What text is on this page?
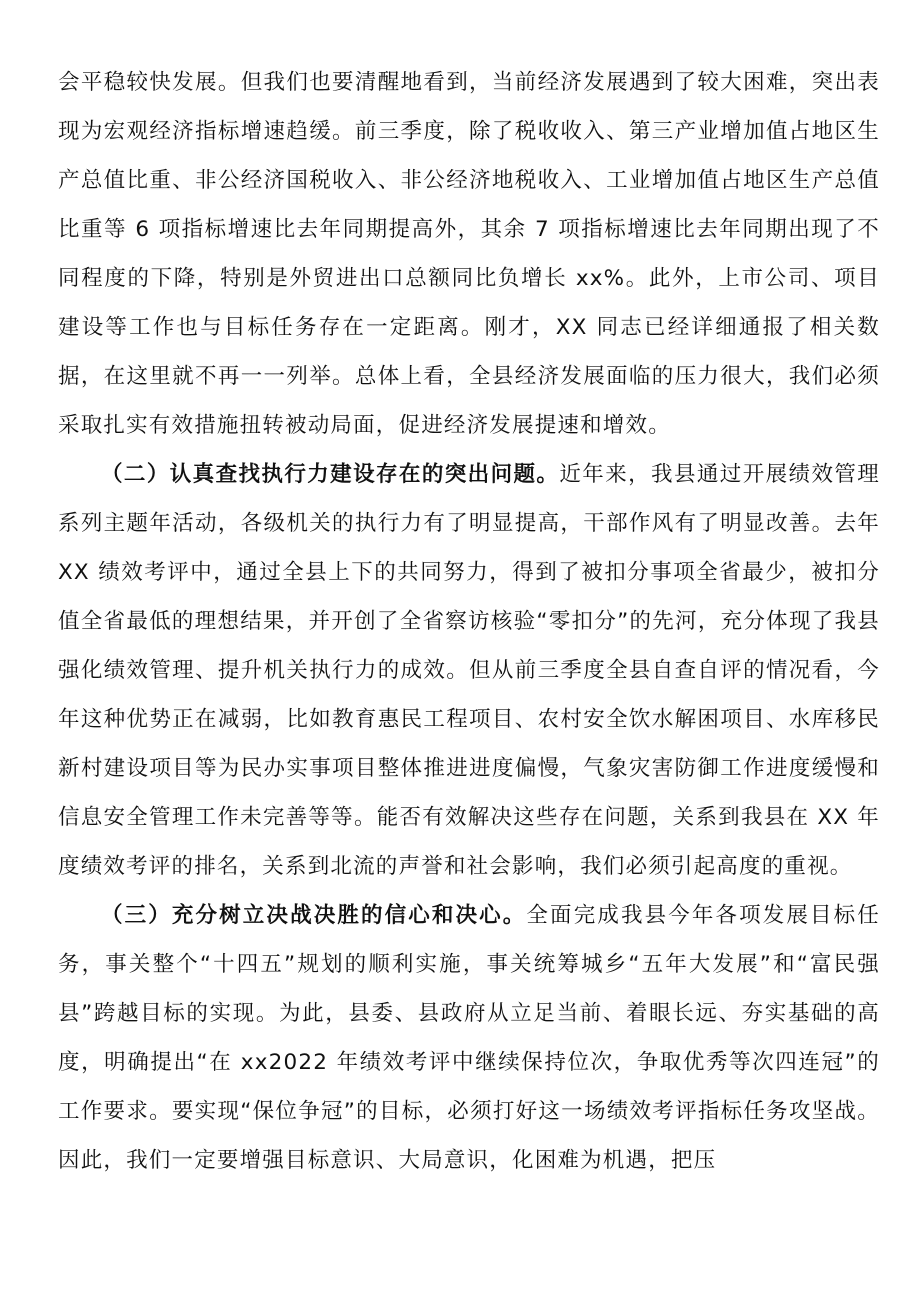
会平稳较快发展。但我们也要清醒地看到，当前经济发展遇到了较大困难，突出表现为宏观经济指标增速趋缓。前三季度，除了税收收入、第三产业增加值占地区生产总值比重、非公经济国税收入、非公经济地税收入、工业增加值占地区生产总值比重等 6 项指标增速比去年同期提高外，其余 7 项指标增速比去年同期出现了不同程度的下降，特别是外贸进出口总额同比负增长 xx%。此外，上市公司、项目建设等工作也与目标任务存在一定距离。刚才，XX 同志已经详细通报了相关数据，在这里就不再一一列举。总体上看，全县经济发展面临的压力很大，我们必须采取扎实有效措施扭转被动局面，促进经济发展提速和增效。

（二）认真查找执行力建设存在的突出问题。近年来，我县通过开展绩效管理系列主题年活动，各级机关的执行力有了明显提高，干部作风有了明显改善。去年 XX 绩效考评中，通过全县上下的共同努力，得到了被扣分事项全省最少，被扣分值全省最低的理想结果，并开创了全省察访核验“零扣分”的先河，充分体现了我县强化绩效管理、提升机关执行力的成效。但从前三季度全县自查自评的情况看，今年这种优势正在减弱，比如教育惠民工程项目、农村安全饮水解困项目、水库移民新村建设项目等为民办实事项目整体推进进度偏慢，气象灾害防御工作进度缓慢和信息安全管理工作未完善等等。能否有效解决这些存在问题，关系到我县在 XX 年度绩效考评的排名，关系到北流的声誉和社会影响，我们必须引起高度的重视。

（三）充分树立决战决胜的信心和决心。全面完成我县今年各项发展目标任务，事关整个“十四五”规划的顺利实施，事关统筹城乡“五年大发展”和“富民强县”跨越目标的实现。为此，县委、县政府从立足当前、着眼长远、夯实基础的高度，明确提出“在 xx2022 年绩效考评中继续保持位次，争取优秀等次四连冠”的工作要求。要实现“保位争冠”的目标，必须打好这一场绩效考评指标任务攻坚战。因此，我们一定要增强目标意识、大局意识，化困难为机遇，把压
